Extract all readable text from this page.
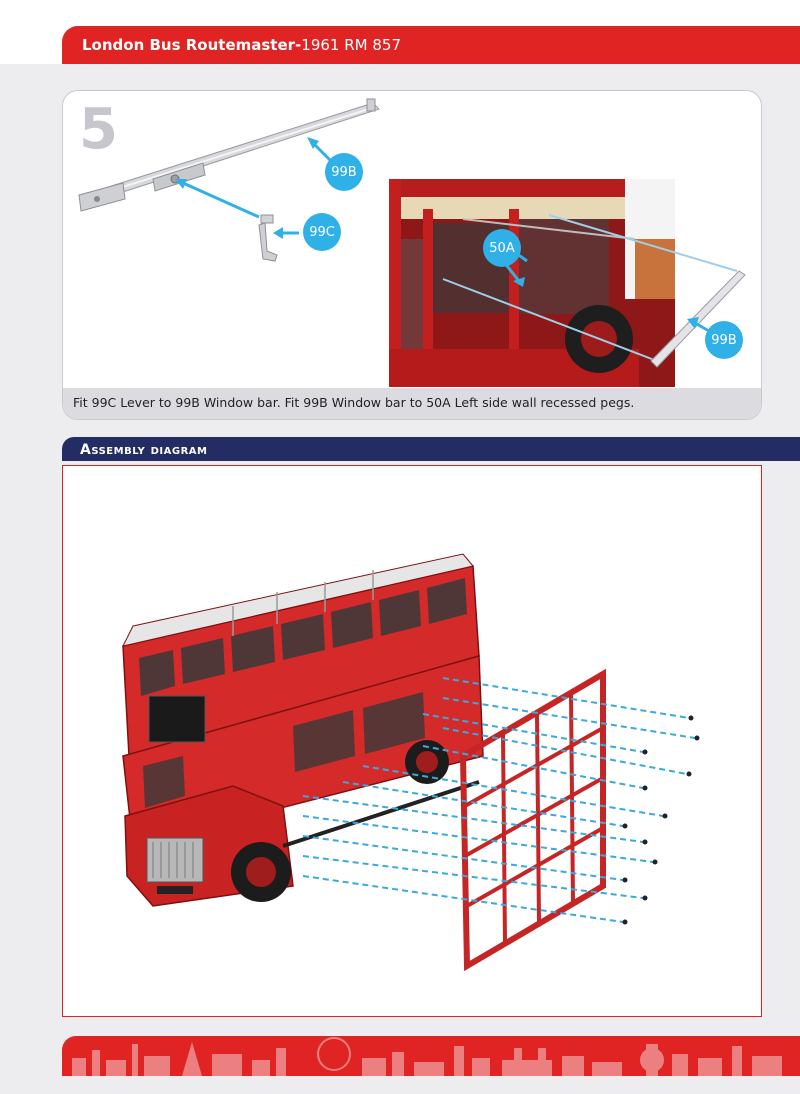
London Bus Routemaster-1961 RM 857
5
99B
99C
50A
99B
Fit 99C Lever to 99B Window bar. Fit 99B Window bar to 50A Left side wall recessed pegs.
Assembly diagram
